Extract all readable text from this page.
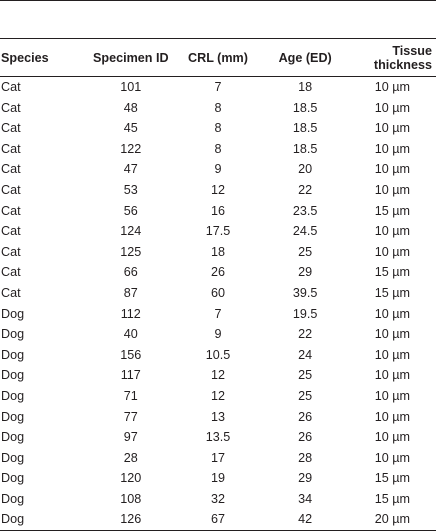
Species	Specimen ID	CRL (mm)	Age (ED)	Tissue thickness
Cat	101	7	18	10 µm
Cat	48	8	18.5	10 µm
Cat	45	8	18.5	10 µm
Cat	122	8	18.5	10 µm
Cat	47	9	20	10 µm
Cat	53	12	22	10 µm
Cat	56	16	23.5	15 µm
Cat	124	17.5	24.5	10 µm
Cat	125	18	25	10 µm
Cat	66	26	29	15 µm
Cat	87	60	39.5	15 µm
Dog	112	7	19.5	10 µm
Dog	40	9	22	10 µm
Dog	156	10.5	24	10 µm
Dog	117	12	25	10 µm
Dog	71	12	25	10 µm
Dog	77	13	26	10 µm
Dog	97	13.5	26	10 µm
Dog	28	17	28	10 µm
Dog	120	19	29	15 µm
Dog	108	32	34	15 µm
Dog	126	67	42	20 µm
